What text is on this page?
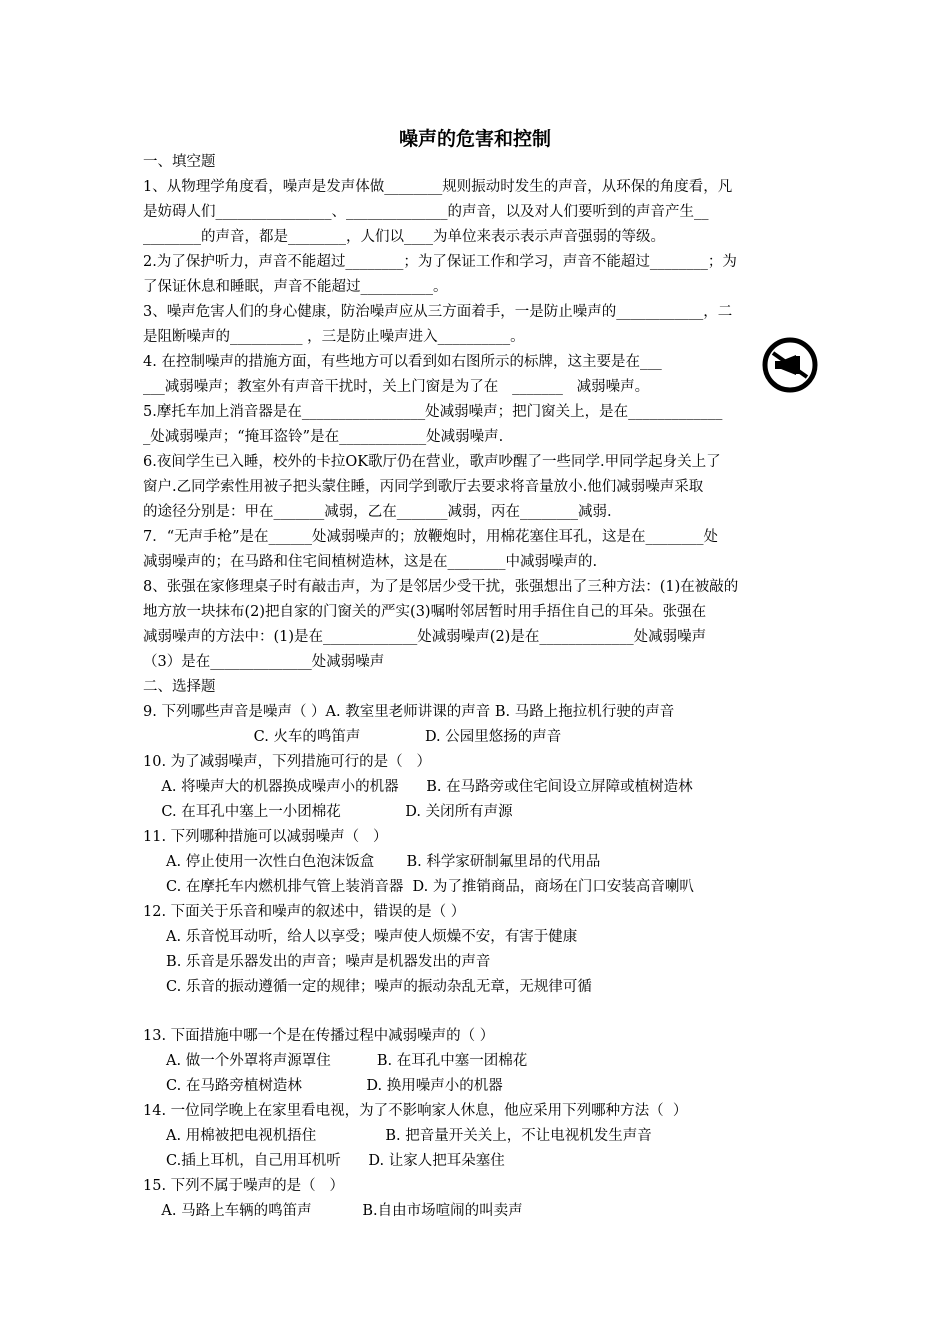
噪声的危害和控制
一、填空题
1、从物理学角度看，噪声是发声体做________规则振动时发生的声音，从环保的角度看，凡
是妨碍人们________________、______________的声音，以及对人们要听到的声音产生__
________的声音，都是________，人们以____为单位来表示表示声音强弱的等级。
2.为了保护听力，声音不能超过________；为了保证工作和学习，声音不能超过________；为
了保证休息和睡眠，声音不能超过__________。
3、噪声危害人们的身心健康，防治噪声应从三方面着手，一是防止噪声的____________，二
是阻断噪声的__________ ，三是防止噪声进入__________。
4. 在控制噪声的措施方面，有些地方可以看到如右图所示的标牌，这主要是在___
___减弱噪声；教室外有声音干扰时，关上门窗是为了在   _______   减弱噪声。
5.摩托车加上消音器是在_________________处减弱噪声；把门窗关上，是在_____________
_处减弱噪声；“掩耳盗铃”是在____________处减弱噪声.
6.夜间学生已入睡，校外的卡拉OK歌厅仍在营业，歌声吵醒了一些同学.甲同学起身关上了
窗户.乙同学索性用被子把头蒙住睡，丙同学到歌厅去要求将音量放小.他们减弱噪声采取
的途径分别是：甲在_______减弱，乙在_______减弱，丙在________减弱.
7．“无声手枪”是在______处减弱噪声的；放鞭炮时，用棉花塞住耳孔，这是在________处
减弱噪声的；在马路和住宅间植树造林，这是在________中减弱噪声的.
8、张强在家修理桌子时有敲击声，为了是邻居少受干扰，张强想出了三种方法：(1)在被敲的
地方放一块抹布(2)把自家的门窗关的严实(3)嘱咐邻居暂时用手捂住自己的耳朵。张强在
减弱噪声的方法中：(1)是在_____________处减弱噪声(2)是在_____________处减弱噪声
（3）是在______________处减弱噪声
二、选择题
9. 下列哪些声音是噪声（ ）A. 教室里老师讲课的声音 B. 马路上拖拉机行驶的声音
C. 火车的鸣笛声              D. 公园里悠扬的声音
10. 为了减弱噪声，下列措施可行的是（   ）
A. 将噪声大的机器换成噪声小的机器      B. 在马路旁或住宅间设立屏障或植树造林
C. 在耳孔中塞上一小团棉花              D. 关闭所有声源
11. 下列哪种措施可以减弱噪声（   ）
A. 停止使用一次性白色泡沫饭盒       B. 科学家研制氟里昂的代用品
C. 在摩托车内燃机排气管上装消音器  D. 为了推销商品，商场在门口安装高音喇叭
12. 下面关于乐音和噪声的叙述中，错误的是（ ）
A. 乐音悦耳动听，给人以享受；噪声使人烦燥不安，有害于健康
B. 乐音是乐器发出的声音；噪声是机器发出的声音
C. 乐音的振动遵循一定的规律；噪声的振动杂乱无章，无规律可循
13. 下面措施中哪一个是在传播过程中减弱噪声的（ ）
A. 做一个外罩将声源罩住          B. 在耳孔中塞一团棉花
C. 在马路旁植树造林              D. 换用噪声小的机器
14. 一位同学晚上在家里看电视，为了不影响家人休息，他应采用下列哪种方法（  ）
A. 用棉被把电视机捂住               B. 把音量开关关上，不让电视机发生声音
C.插上耳机，自己用耳机听      D. 让家人把耳朵塞住
15. 下列不属于噪声的是（   ）
A. 马路上车辆的鸣笛声           B.自由市场喧闹的叫卖声
